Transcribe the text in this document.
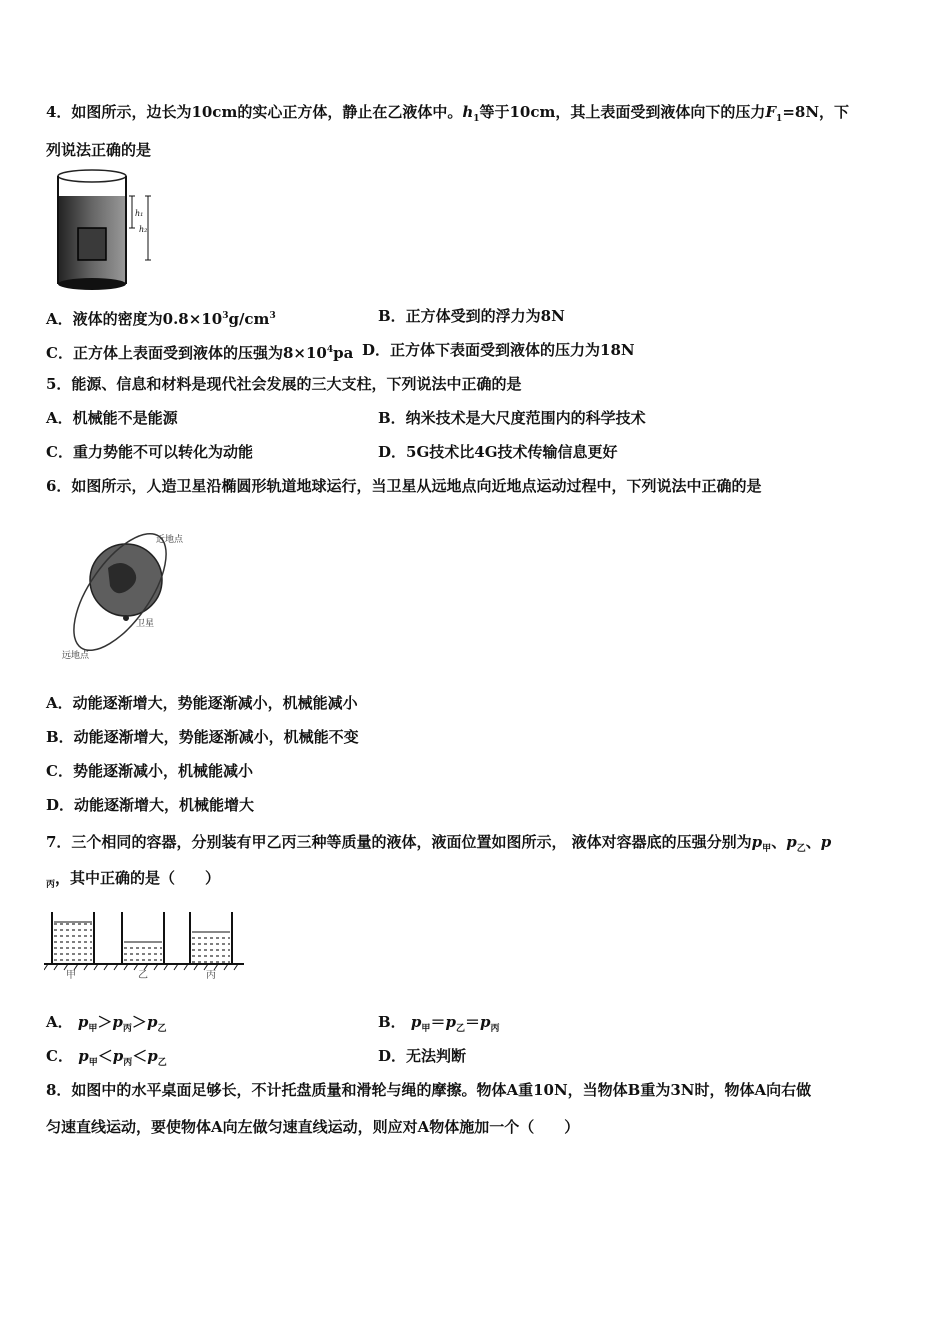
4．如图所示，边长为10cm的实心正方体，静止在乙液体中。$h_1$等于10cm，其上表面受到液体向下的压力$F_1=8N$，下
列说法正确的是
h₁
h₂
A．液体的密度为$0.8\times 10^3g/cm^3$	B．正方体受到的浮力为8N
C．正方体上表面受到液体的压强为$8\times 10^4pa$ D．正方体下表面受到液体的压力为18N
5．能源、信息和材料是现代社会发展的三大支柱，下列说法中正确的是
A．机械能不是能源	B．纳米技术是大尺度范围内的科学技术
C．重力势能不可以转化为动能	D．5G技术比4G技术传输信息更好
6．如图所示，人造卫星沿椭圆形轨道地球运行，当卫星从远地点向近地点运动过程中，下列说法中正确的是
近地点
远地点
卫星
A．动能逐渐增大，势能逐渐减小，机械能减小
B．动能逐渐增大，势能逐渐减小，机械能不变
C．势能逐渐减小，机械能减小
D．动能逐渐增大，机械能增大
7．三个相同的容器，分别装有甲乙丙三种等质量的液体，液面位置如图所示， 液体对容器底的压强分别为$p_甲$、$p_乙$、p
$_丙$，其中正确的是（　　）
甲	乙	丙
A． $p_甲>p_丙>p_乙$	B． $p_甲=p_乙=p_丙$
C． $p_甲<p_丙<p_乙$	D．无法判断
8．如图中的水平桌面足够长，不计托盘质量和滑轮与绳的摩擦。物体A重10N，当物体B重为3N时，物体A向右做
匀速直线运动，要使物体A向左做匀速直线运动，则应对A物体施加一个（　　）
